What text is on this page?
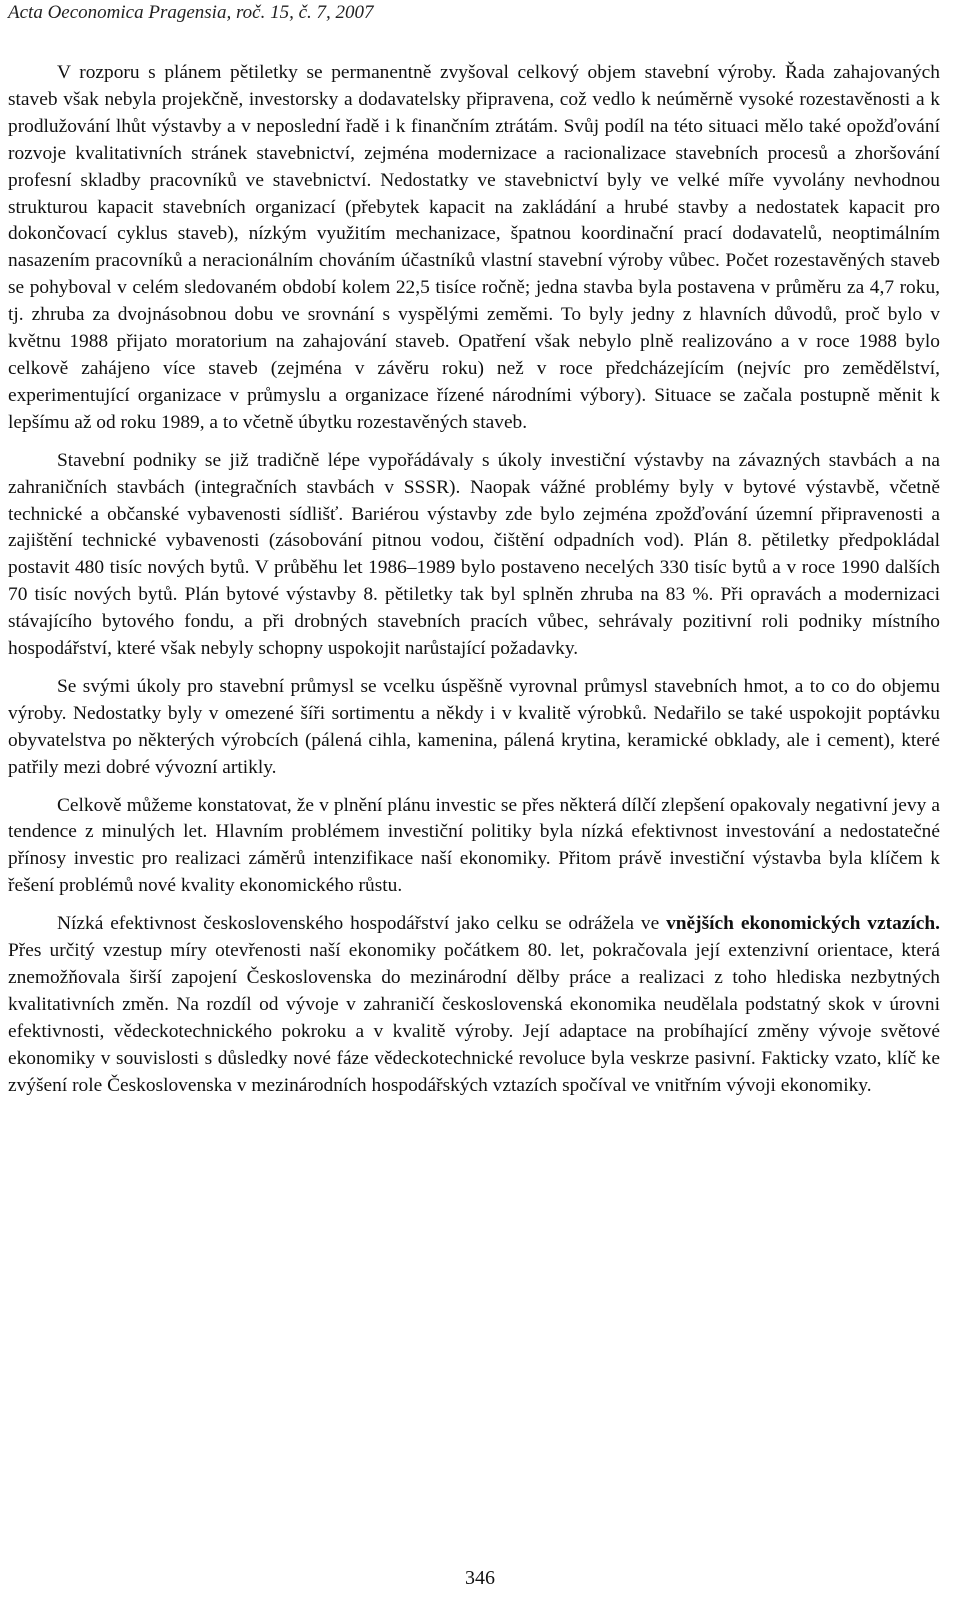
Acta Oeconomica Pragensia, roč. 15, č. 7, 2007

V rozporu s plánem pětiletky se permanentně zvyšoval celkový objem stavební výroby. Řada zahajovaných staveb však nebyla projekčně, investorsky a dodavatelsky připravena, což vedlo k neúměrně vysoké rozestavěnosti a k prodlužování lhůt výstavby a v neposlední řadě i k finančním ztrátám. Svůj podíl na této situaci mělo také opožďování rozvoje kvalitativních stránek stavebnictví, zejména modernizace a racionalizace stavebních procesů a zhoršování profesní skladby pracovníků ve stavebnictví. Nedostatky ve stavebnictví byly ve velké míře vyvolány nevhodnou strukturou kapacit stavebních organizací (přebytek kapacit na zakládání a hrubé stavby a nedostatek kapacit pro dokončovací cyklus staveb), nízkým využitím mechanizace, špatnou koordinační prací dodavatelů, neoptimálním nasazením pracovníků a neracionálním chováním účastníků vlastní stavební výroby vůbec. Počet rozestavěných staveb se pohyboval v celém sledovaném období kolem 22,5 tisíce ročně; jedna stavba byla postavena v průměru za 4,7 roku, tj. zhruba za dvojnásobnou dobu ve srovnání s vyspělými zeměmi. To byly jedny z hlavních důvodů, proč bylo v květnu 1988 přijato moratorium na zahajování staveb. Opatření však nebylo plně realizováno a v roce 1988 bylo celkově zahájeno více staveb (zejména v závěru roku) než v roce předcházejícím (nejvíc pro zemědělství, experimentující organizace v průmyslu a organizace řízené národními výbory). Situace se začala postupně měnit k lepšímu až od roku 1989, a to včetně úbytku rozestavěných staveb.

Stavební podniky se již tradičně lépe vypořádávaly s úkoly investiční výstavby na závazných stavbách a na zahraničních stavbách (integračních stavbách v SSSR). Naopak vážné problémy byly v bytové výstavbě, včetně technické a občanské vybavenosti sídlišť. Bariérou výstavby zde bylo zejména zpožďování územní připravenosti a zajištění technické vybavenosti (zásobování pitnou vodou, čištění odpadních vod). Plán 8. pětiletky předpokládal postavit 480 tisíc nových bytů. V průběhu let 1986–1989 bylo postaveno necelých 330 tisíc bytů a v roce 1990 dalších 70 tisíc nových bytů. Plán bytové výstavby 8. pětiletky tak byl splněn zhruba na 83 %. Při opravách a modernizaci stávajícího bytového fondu, a při drobných stavebních pracích vůbec, sehrávaly pozitivní roli podniky místního hospodářství, které však nebyly schopny uspokojit narůstající požadavky.

Se svými úkoly pro stavební průmysl se vcelku úspěšně vyrovnal průmysl stavebních hmot, a to co do objemu výroby. Nedostatky byly v omezené šíři sortimentu a někdy i v kvalitě výrobků. Nedařilo se také uspokojit poptávku obyvatelstva po některých výrobcích (pálená cihla, kamenina, pálená krytina, keramické obklady, ale i cement), které patřily mezi dobré vývozní artikly.

Celkově můžeme konstatovat, že v plnění plánu investic se přes některá dílčí zlepšení opakovaly negativní jevy a tendence z minulých let. Hlavním problémem investiční politiky byla nízká efektivnost investování a nedostatečné přínosy investic pro realizaci záměrů intenzifikace naší ekonomiky. Přitom právě investiční výstavba byla klíčem k řešení problémů nové kvality ekonomického růstu.

Nízká efektivnost československého hospodářství jako celku se odrážela ve vnějších ekonomických vztazích. Přes určitý vzestup míry otevřenosti naší ekonomiky počátkem 80. let, pokračovala její extenzivní orientace, která znemožňovala širší zapojení Československa do mezinárodní dělby práce a realizaci z toho hlediska nezbytných kvalitativních změn. Na rozdíl od vývoje v zahraničí československá ekonomika neudělala podstatný skok v úrovni efektivnosti, vědeckotechnického pokroku a v kvalitě výroby. Její adaptace na probíhající změny vývoje světové ekonomiky v souvislosti s důsledky nové fáze vědeckotechnické revoluce byla veskrze pasivní. Fakticky vzato, klíč ke zvýšení role Československa v mezinárodních hospodářských vztazích spočíval ve vnitřním vývoji ekonomiky.

346
